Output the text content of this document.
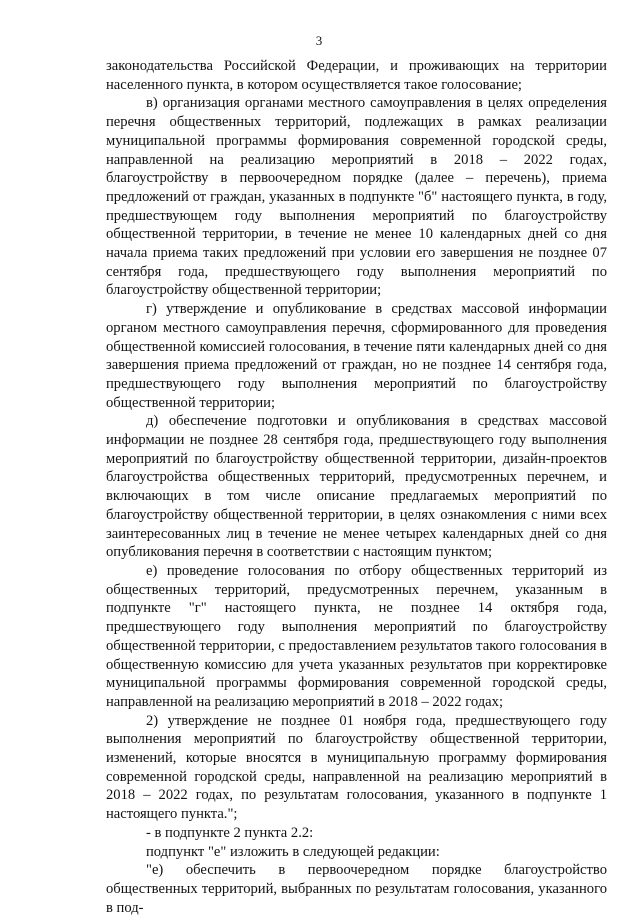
3

законодательства Российской Федерации, и проживающих на территории населенного пункта, в котором осуществляется такое голосование;

в) организация органами местного самоуправления в целях определения перечня общественных территорий, подлежащих в рамках реализации муниципальной программы формирования современной городской среды, направленной на реализацию мероприятий в 2018 – 2022 годах, благоустройству в первоочередном порядке (далее – перечень), приема предложений от граждан, указанных в подпункте "б" настоящего пункта, в году, предшествующем году выполнения мероприятий по благоустройству общественной территории, в течение не менее 10 календарных дней со дня начала приема таких предложений при условии его завершения не позднее 07 сентября года, предшествующего году выполнения мероприятий по благоустройству общественной территории;

г) утверждение и опубликование в средствах массовой информации органом местного самоуправления перечня, сформированного для проведения общественной комиссией голосования, в течение пяти календарных дней со дня завершения приема предложений от граждан, но не позднее 14 сентября года, предшествующего году выполнения мероприятий по благоустройству общественной территории;

д) обеспечение подготовки и опубликования в средствах массовой информации не позднее 28 сентября года, предшествующего году выполнения мероприятий по благоустройству общественной территории, дизайн-проектов благоустройства общественных территорий, предусмотренных перечнем, и включающих в том числе описание предлагаемых мероприятий по благоустройству общественной территории, в целях ознакомления с ними всех заинтересованных лиц в течение не менее четырех календарных дней со дня опубликования перечня в соответствии с настоящим пунктом;

е) проведение голосования по отбору общественных территорий из общественных территорий, предусмотренных перечнем, указанным в подпункте "г" настоящего пункта, не позднее 14 октября года, предшествующего году выполнения мероприятий по благоустройству общественной территории, с предоставлением результатов такого голосования в общественную комиссию для учета указанных результатов при корректировке муниципальной программы формирования современной городской среды, направленной на реализацию мероприятий в 2018 – 2022 годах;

2) утверждение не позднее 01 ноября года, предшествующего году выполнения мероприятий по благоустройству общественной территории, изменений, которые вносятся в муниципальную программу формирования современной городской среды, направленной на реализацию мероприятий в 2018 – 2022 годах, по результатам голосования, указанного в подпункте 1 настоящего пункта.";

- в подпункте 2 пункта 2.2:

подпункт "е" изложить в следующей редакции:

"е) обеспечить в первоочередном порядке благоустройство общественных территорий, выбранных по результатам голосования, указанного в под-
